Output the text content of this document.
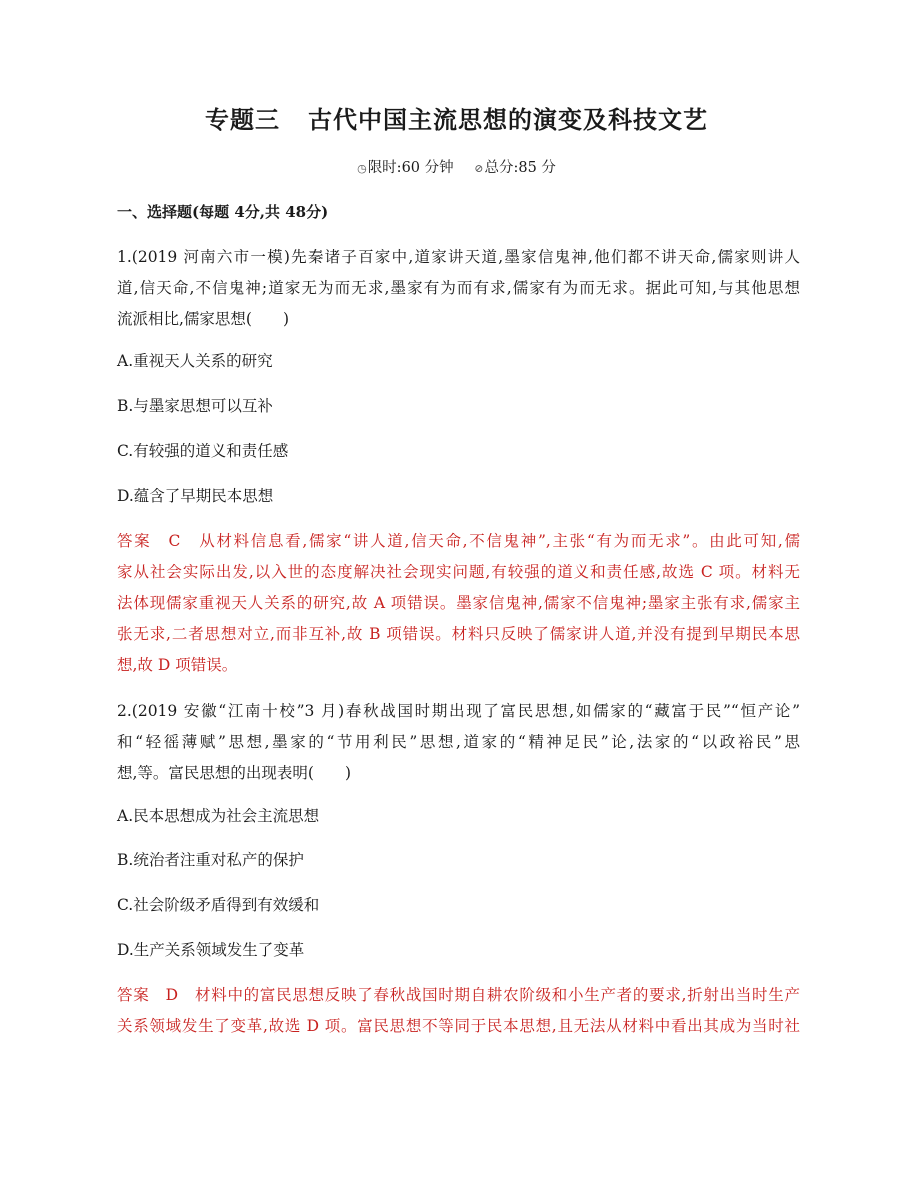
专题三 古代中国主流思想的演变及科技文艺
◷限时:60 分钟 ⊘总分:85 分
一、选择题(每题 4分,共 48分)
1.(2019 河南六市一模)先秦诸子百家中,道家讲天道,墨家信鬼神,他们都不讲天命,儒家则讲人
道,信天命,不信鬼神;道家无为而无求,墨家有为而有求,儒家有为而无求。据此可知,与其他思想
流派相比,儒家思想(　　)
A.重视天人关系的研究
B.与墨家思想可以互补
C.有较强的道义和责任感
D.蕴含了早期民本思想
答案　C　从材料信息看,儒家“讲人道,信天命,不信鬼神”,主张“有为而无求”。由此可知,儒
家从社会实际出发,以入世的态度解决社会现实问题,有较强的道义和责任感,故选 C 项。材料无
法体现儒家重视天人关系的研究,故 A 项错误。墨家信鬼神,儒家不信鬼神;墨家主张有求,儒家主
张无求,二者思想对立,而非互补,故 B 项错误。材料只反映了儒家讲人道,并没有提到早期民本思
想,故 D 项错误。
2.(2019 安徽“江南十校”3 月)春秋战国时期出现了富民思想,如儒家的“藏富于民”“恒产论”
和“轻徭薄赋”思想,墨家的“节用利民”思想,道家的“精神足民”论,法家的“以政裕民”思
想,等。富民思想的出现表明(　　)
A.民本思想成为社会主流思想
B.统治者注重对私产的保护
C.社会阶级矛盾得到有效缓和
D.生产关系领域发生了变革
答案　D　材料中的富民思想反映了春秋战国时期自耕农阶级和小生产者的要求,折射出当时生产
关系领域发生了变革,故选 D 项。富民思想不等同于民本思想,且无法从材料中看出其成为当时社
